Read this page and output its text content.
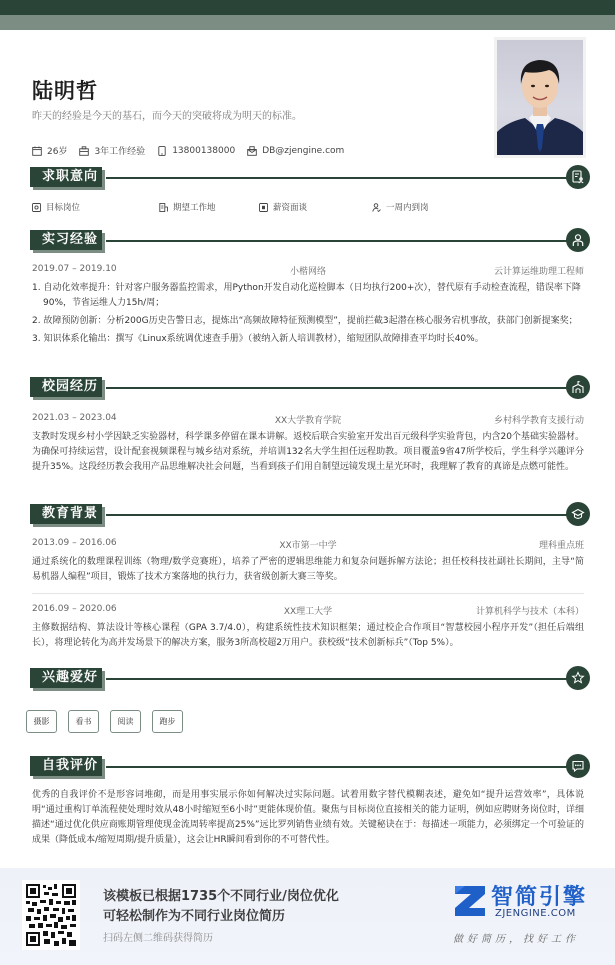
陆明哲
昨天的经验是今天的基石，而今天的突破将成为明天的标准。
26岁	3年工作经验	13800138000	DB@zjengine.com
求职意向
目标岗位	期望工作地	薪资面谈	一周内到岗
实习经验
2019.07 – 2019.10	小楷网络	云计算运维助理工程师
1. 自动化效率提升：针对客户服务器监控需求，用Python开发自动化巡检脚本（日均执行200+次），替代原有手动检查流程，错误率下降90%，节省运维人力15h/周；
2. 故障预防创新：分析200G历史告警日志，提炼出“高频故障特征预测模型”，提前拦截3起潜在核心服务宕机事故，获部门创新提案奖；
3. 知识体系化输出：撰写《Linux系统调优速查手册》（被纳入新人培训教材），缩短团队故障排查平均时长40%。
校园经历
2021.03 – 2023.04	XX大学教育学院	乡村科学教育支援行动
支教时发现乡村小学因缺乏实验器材，科学课多停留在课本讲解。返校后联合实验室开发出百元级科学实验背包，内含20个基础实验器材。为确保可持续运营，设计配套视频课程与城乡结对系统，并培训132名大学生担任远程助教。项目覆盖9省47所学校后，学生科学兴趣评分提升35%。这段经历教会我用产品思维解决社会问题，当看到孩子们用自制望远镜发现土星光环时，我理解了教育的真谛是点燃可能性。
教育背景
2013.09 – 2016.06	XX市第一中学	理科重点班
通过系统化的数理课程训练（物理/数学竞赛班），培养了严密的逻辑思维能力和复杂问题拆解方法论；担任校科技社副社长期间，主导“简易机器人编程”项目，锻炼了技术方案落地的执行力，获省级创新大赛三等奖。
2016.09 – 2020.06	XX理工大学	计算机科学与技术（本科）
主修数据结构、算法设计等核心课程（GPA 3.7/4.0），构建系统性技术知识框架；通过校企合作项目“智慧校园小程序开发”（担任后端组长），将理论转化为高并发场景下的解决方案，服务3所高校超2万用户。获校级“技术创新标兵”（Top 5%）。
兴趣爱好
摄影	看书	阅读	跑步
自我评价
优秀的自我评价不是形容词堆砌，而是用事实展示你如何解决过实际问题。试着用数字替代模糊表述，避免如“提升运营效率”，具体说明“通过重构订单流程使处理时效从48小时缩短至6小时”更能体现价值。聚焦与目标岗位直接相关的能力证明，例如应聘财务岗位时，详细描述“通过优化供应商账期管理使现金流周转率提高25%”远比罗列销售业绩有效。关键秘诀在于：每描述一项能力，必须绑定一个可验证的成果（降低成本/缩短周期/提升质量），这会让HR瞬间看到你的不可替代性。
该模板已根据1735个不同行业/岗位优化
可轻松制作为不同行业岗位简历
扫码左侧二维码获得简历
智简引擎
ZJENGINE.COM
做好简历，找好工作
